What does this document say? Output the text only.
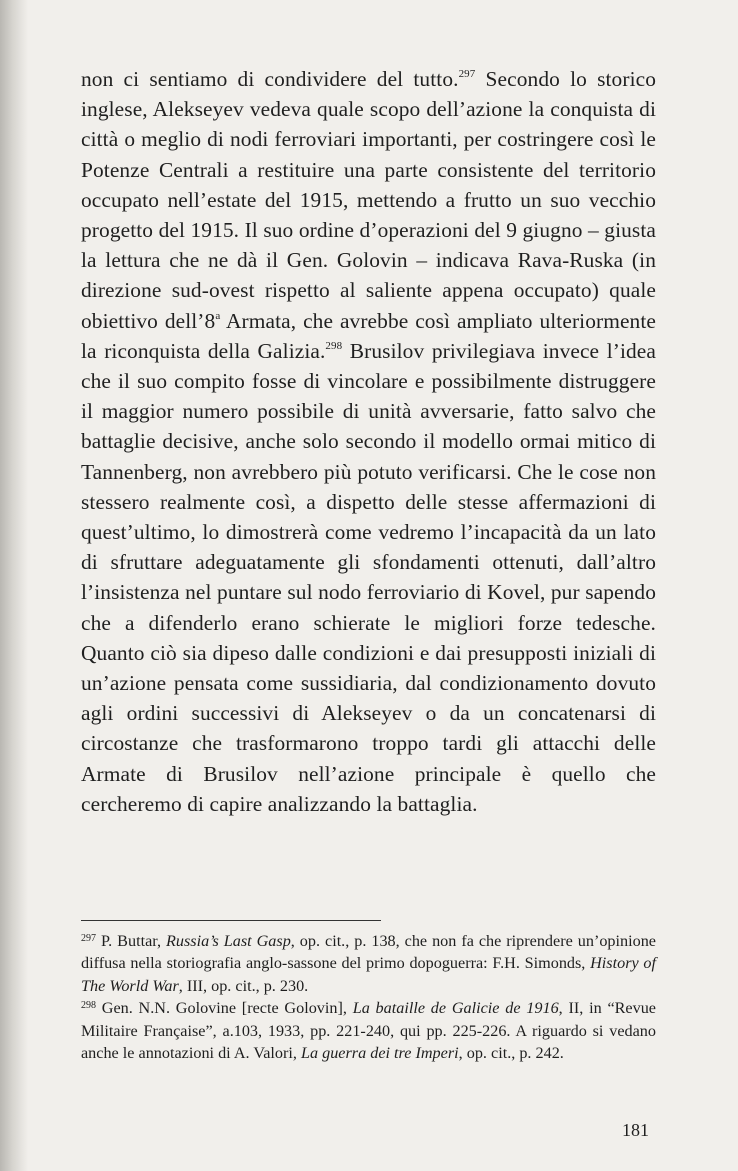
non ci sentiamo di condividere del tutto.$^{297}$ Secondo lo storico inglese, Alekseyev vedeva quale scopo dell’azione la conquista di città o meglio di nodi ferroviari importanti, per costringere così le Potenze Centrali a restituire una parte consistente del territorio occupato nell’estate del 1915, mettendo a frutto un suo vecchio progetto del 1915. Il suo ordine d’operazioni del 9 giugno – giusta la lettura che ne dà il Gen. Golovin – indicava Rava-Ruska (in direzione sud-ovest rispetto al saliente appena occupato) quale obiettivo dell’8$^a$ Armata, che avrebbe così ampliato ulteriormente la riconquista della Galizia.$^{298}$ Brusilov privilegiava invece l’idea che il suo compito fosse di vincolare e possibilmente distruggere il maggior numero possibile di unità avversarie, fatto salvo che battaglie decisive, anche solo secondo il modello ormai mitico di Tannenberg, non avrebbero più potuto verificarsi. Che le cose non stessero realmente così, a dispetto delle stesse affermazioni di quest’ultimo, lo dimostrerà come vedremo l’incapacità da un lato di sfruttare adeguatamente gli sfondamenti ottenuti, dall’altro l’insistenza nel puntare sul nodo ferroviario di Kovel, pur sapendo che a difenderlo erano schierate le migliori forze tedesche. Quanto ciò sia dipeso dalle condizioni e dai presupposti iniziali di un’azione pensata come sussidiaria, dal condizionamento dovuto agli ordini successivi di Alekseyev o da un concatenarsi di circostanze che trasformarono troppo tardi gli attacchi delle Armate di Brusilov nell’azione principale è quello che cercheremo di capire analizzando la battaglia.

$^{297}$ P. Buttar, Russia’s Last Gasp, op. cit., p. 138, che non fa che riprendere un’opinione diffusa nella storiografia anglo-sassone del primo dopoguerra: F.H. Simonds, History of The World War, III, op. cit., p. 230.

$^{298}$ Gen. N.N. Golovine [recte Golovin], La bataille de Galicie de 1916, II, in “Revue Militaire Française”, a.103, 1933, pp. 221-240, qui pp. 225-226. A riguardo si vedano anche le annotazioni di A. Valori, La guerra dei tre Imperi, op. cit., p. 242.

181
